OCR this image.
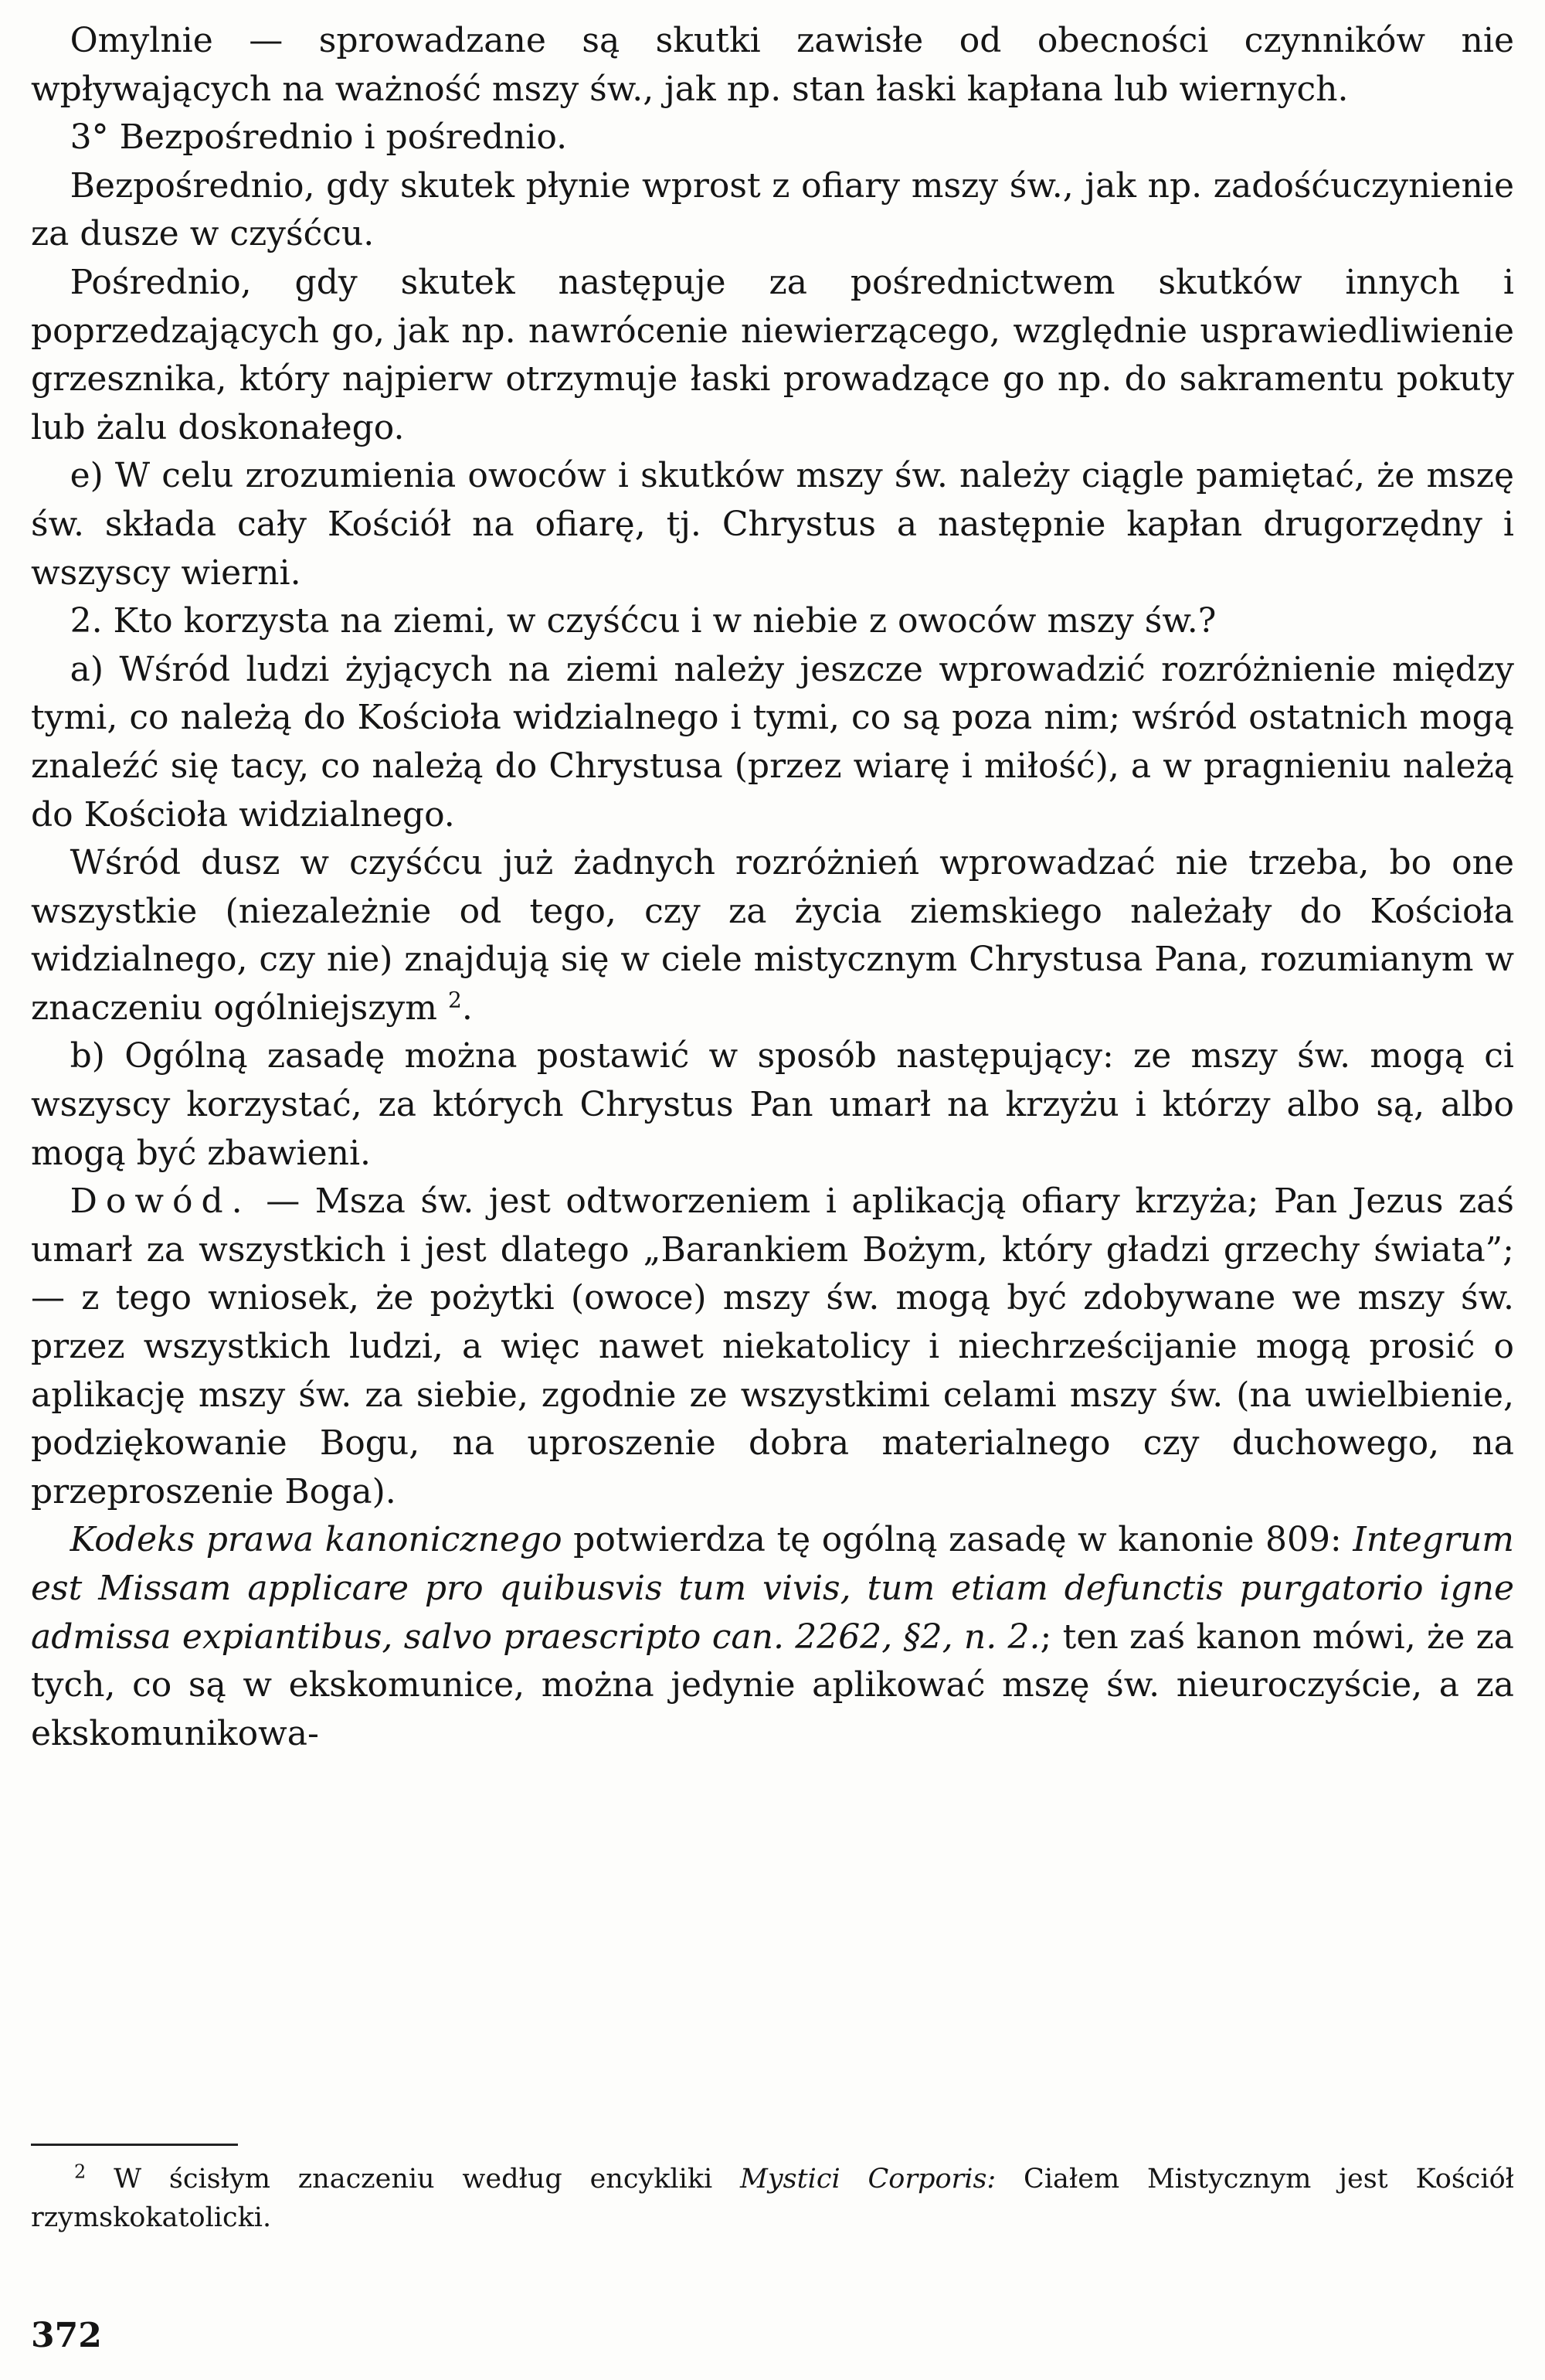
Omylnie — sprowadzane są skutki zawisłe od obecności czynników nie wpływających na ważność mszy św., jak np. stan łaski kapłana lub wiernych.

3° Bezpośrednio i pośrednio.

Bezpośrednio, gdy skutek płynie wprost z ofiary mszy św., jak np. zadośćuczynienie za dusze w czyśćcu.

Pośrednio, gdy skutek następuje za pośrednictwem skutków innych i poprzedzających go, jak np. nawrócenie niewierzącego, względnie usprawiedliwienie grzesznika, który najpierw otrzymuje łaski prowadzące go np. do sakramentu pokuty lub żalu doskonałego.

e) W celu zrozumienia owoców i skutków mszy św. należy ciągle pamiętać, że mszę św. składa cały Kościół na ofiarę, tj. Chrystus a następnie kapłan drugorzędny i wszyscy wierni.

2. Kto korzysta na ziemi, w czyśćcu i w niebie z owoców mszy św.?

a) Wśród ludzi żyjących na ziemi należy jeszcze wprowadzić rozróżnienie między tymi, co należą do Kościoła widzialnego i tymi, co są poza nim; wśród ostatnich mogą znaleźć się tacy, co należą do Chrystusa (przez wiarę i miłość), a w pragnieniu należą do Kościoła widzialnego.

Wśród dusz w czyśćcu już żadnych rozróżnień wprowadzać nie trzeba, bo one wszystkie (niezależnie od tego, czy za życia ziemskiego należały do Kościoła widzialnego, czy nie) znajdują się w ciele mistycznym Chrystusa Pana, rozumianym w znaczeniu ogólniejszym $^2$.

b) Ogólną zasadę można postawić w sposób następujący: ze mszy św. mogą ci wszyscy korzystać, za których Chrystus Pan umarł na krzyżu i którzy albo są, albo mogą być zbawieni.

Dowód. — Msza św. jest odtworzeniem i aplikacją ofiary krzyża; Pan Jezus zaś umarł za wszystkich i jest dlatego „Barankiem Bożym, który gładzi grzechy świata”; — z tego wniosek, że pożytki (owoce) mszy św. mogą być zdobywane we mszy św. przez wszystkich ludzi, a więc nawet niekatolicy i niechrześcijanie mogą prosić o aplikację mszy św. za siebie, zgodnie ze wszystkimi celami mszy św. (na uwielbienie, podziękowanie Bogu, na uproszenie dobra materialnego czy duchowego, na przeproszenie Boga).

Kodeks prawa kanonicznego potwierdza tę ogólną zasadę w kanonie 809: Integrum est Missam applicare pro quibusvis tum vivis, tum etiam defunctis purgatorio igne admissa expiantibus, salvo praescripto can. 2262, §2, n. 2.; ten zaś kanon mówi, że za tych, co są w ekskomunice, można jedynie aplikować mszę św. nieuroczyście, a za ekskomunikowa-

$^2$ W ścisłym znaczeniu według encykliki Mystici Corporis: Ciałem Mistycznym jest Kościół rzymskokatolicki.
372
